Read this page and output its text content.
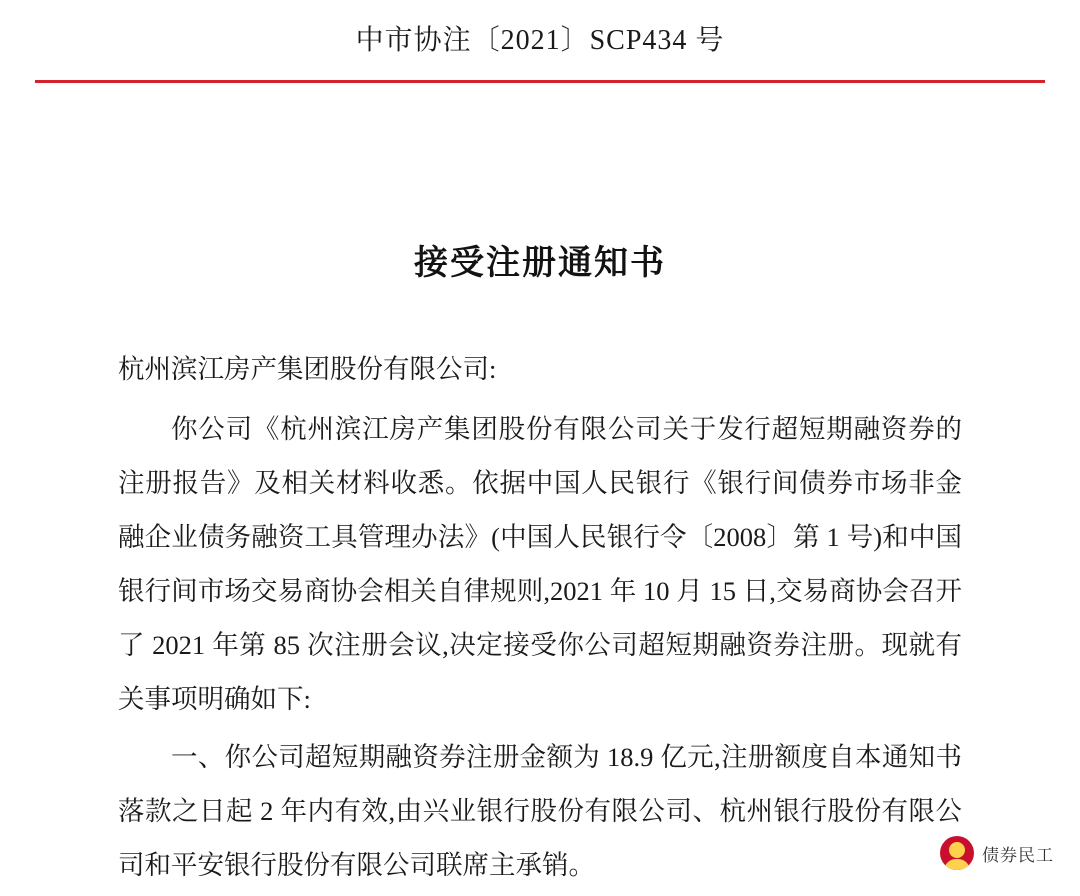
中市协注〔2021〕SCP434 号
接受注册通知书

杭州滨江房产集团股份有限公司:

你公司《杭州滨江房产集团股份有限公司关于发行超短期融资券的注册报告》及相关材料收悉。依据中国人民银行《银行间债券市场非金融企业债务融资工具管理办法》(中国人民银行令〔2008〕第 1 号)和中国银行间市场交易商协会相关自律规则,2021 年 10 月 15 日,交易商协会召开了 2021 年第 85 次注册会议,决定接受你公司超短期融资券注册。现就有关事项明确如下:

一、你公司超短期融资券注册金额为 18.9 亿元,注册额度自本通知书落款之日起 2 年内有效,由兴业银行股份有限公司、杭州银行股份有限公司和平安银行股份有限公司联席主承销。	债券民工
